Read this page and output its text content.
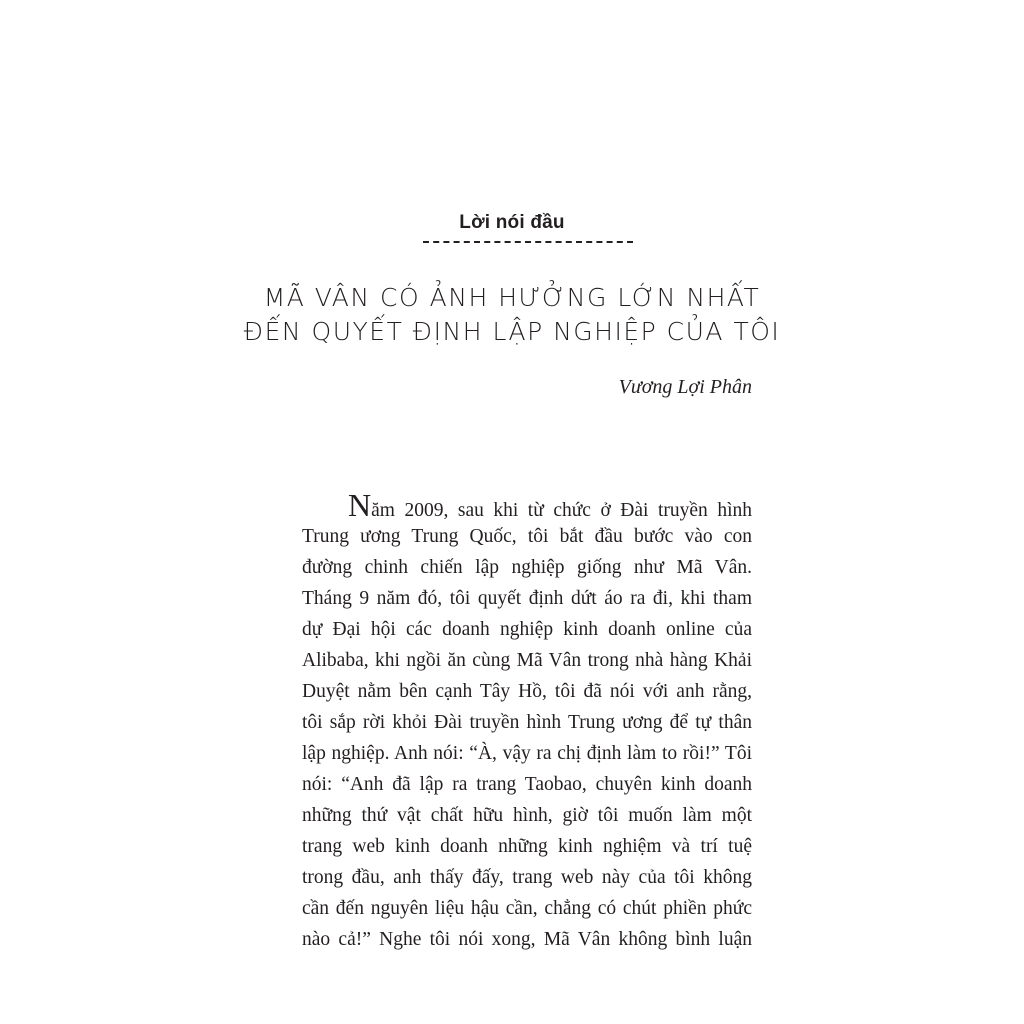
Lời nói đầu
MÃ VÂN CÓ ẢNH HƯỞNG LỚN NHẤT
ĐẾN QUYẾT ĐỊNH LẬP NGHIỆP CỦA TÔI
Vương Lợi Phân
Năm 2009, sau khi từ chức ở Đài truyền hình
Trung ương Trung Quốc, tôi bắt đầu bước vào con
đường chinh chiến lập nghiệp giống như Mã Vân.
Tháng 9 năm đó, tôi quyết định dứt áo ra đi, khi tham
dự Đại hội các doanh nghiệp kinh doanh online của
Alibaba, khi ngồi ăn cùng Mã Vân trong nhà hàng Khải
Duyệt nằm bên cạnh Tây Hồ, tôi đã nói với anh rằng,
tôi sắp rời khỏi Đài truyền hình Trung ương để tự thân
lập nghiệp. Anh nói: “À, vậy ra chị định làm to rồi!” Tôi
nói: “Anh đã lập ra trang Taobao, chuyên kinh doanh
những thứ vật chất hữu hình, giờ tôi muốn làm một
trang web kinh doanh những kinh nghiệm và trí tuệ
trong đầu, anh thấy đấy, trang web này của tôi không
cần đến nguyên liệu hậu cần, chẳng có chút phiền phức
nào cả!” Nghe tôi nói xong, Mã Vân không bình luận
